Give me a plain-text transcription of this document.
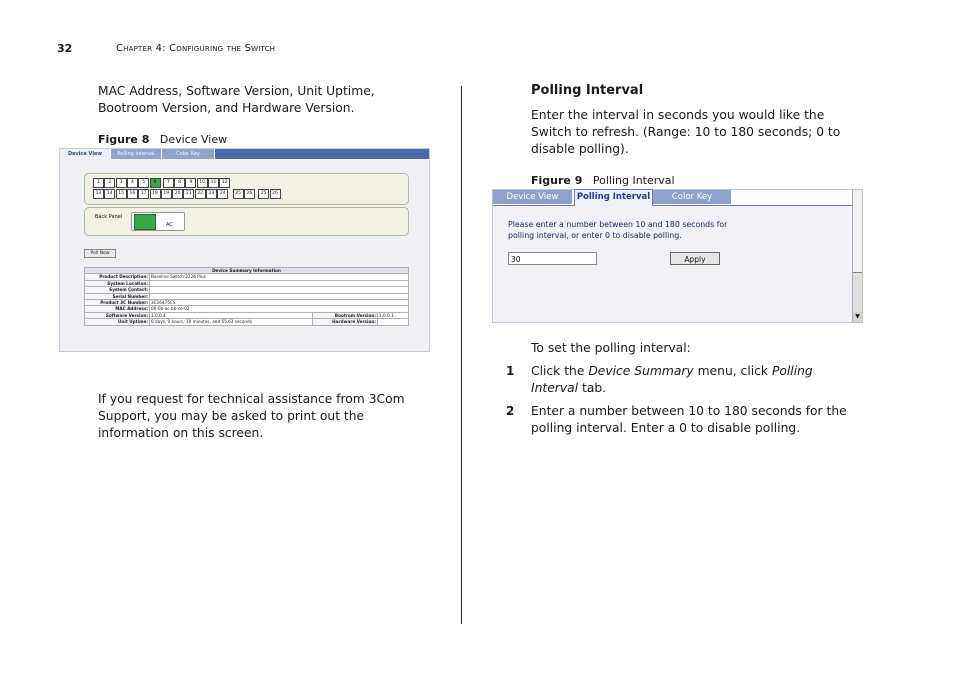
32	Chapter 4: Configuring the Switch
MAC Address, Software Version, Unit Uptime, Bootroom Version, and Hardware Version.
Figure 8 Device View
Device View	Polling Interval	Color Key
1	2	3	4	5	6	7	8	9	10	11	12
13	14	15	16	17	18	19	20	21	22	23	24	25	26	25	26
Back Panel
AC
Poll Now
Device Summary Information			
Product Description:	Baseline Switch 2226 Plus		
System Location:			
System Contact:			
Serial Number:			
Product 3C Number:	3C16475CS		
MAC Address:	00-0b-ac-bb-ce-02		
Software Version:	1.0.0.4	Bootrom Version:	1.0.0.1
Unit Uptime:	0 days, 0 hours, 10 minutes, and 55.63 seconds	Hardware Version:	
If you request for technical assistance from 3Com Support, you may be asked to print out the information on this screen.
Polling Interval
Enter the interval in seconds you would like the Switch to refresh. (Range: 10 to 180 seconds; 0 to disable polling).
Figure 9 Polling Interval
Device View	Polling Interval	Color Key
Please enter a number between 10 and 180 seconds for polling interval, or enter 0 to disable polling.
30	Apply
▼
To set the polling interval:
1 Click the Device Summary menu, click Polling Interval tab.
2 Enter a number between 10 to 180 seconds for the polling interval. Enter a 0 to disable polling.
